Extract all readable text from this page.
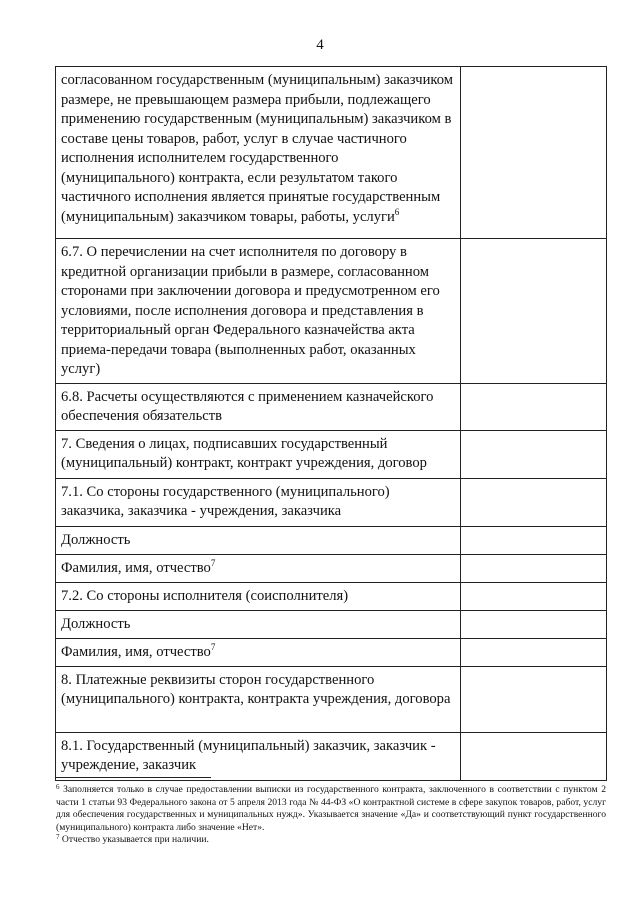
4
согласованном государственным (муниципальным) заказчиком размере, не превышающем размера прибыли, подлежащего применению государственным (муниципальным) заказчиком в составе цены товаров, работ, услуг в случае частичного исполнения исполнителем государственного (муниципального) контракта, если результатом такого частичного исполнения является принятые государственным (муниципальным) заказчиком товары, работы, услуги$^6$	
6.7. О перечислении на счет исполнителя по договору в кредитной организации прибыли в размере, согласованном сторонами при заключении договора и предусмотренном его условиями, после исполнения договора и представления в территориальный орган Федерального казначейства акта приема-передачи товара (выполненных работ, оказанных услуг)	
6.8. Расчеты осуществляются с применением казначейского обеспечения обязательств	
7. Сведения о лицах, подписавших государственный (муниципальный) контракт, контракт учреждения, договор	
7.1. Со стороны государственного (муниципального) заказчика, заказчика - учреждения, заказчика	
Должность	
Фамилия, имя, отчество$^7$	
7.2. Со стороны исполнителя (соисполнителя)	
Должность	
Фамилия, имя, отчество$^7$	
8. Платежные реквизиты сторон государственного (муниципального) контракта, контракта учреждения, договора	
8.1. Государственный (муниципальный) заказчик, заказчик - учреждение, заказчик	

$^6$ Заполняется только в случае предоставлении выписки из государственного контракта, заключенного в соответствии с пунктом 2 части 1 статьи 93 Федерального закона от 5 апреля 2013 года № 44-ФЗ «О контрактной системе в сфере закупок товаров, работ, услуг для обеспечения государственных и муниципальных нужд». Указывается значение «Да» и соответствующий пункт государственного (муниципального) контракта либо значение «Нет».

$^7$ Отчество указывается при наличии.
